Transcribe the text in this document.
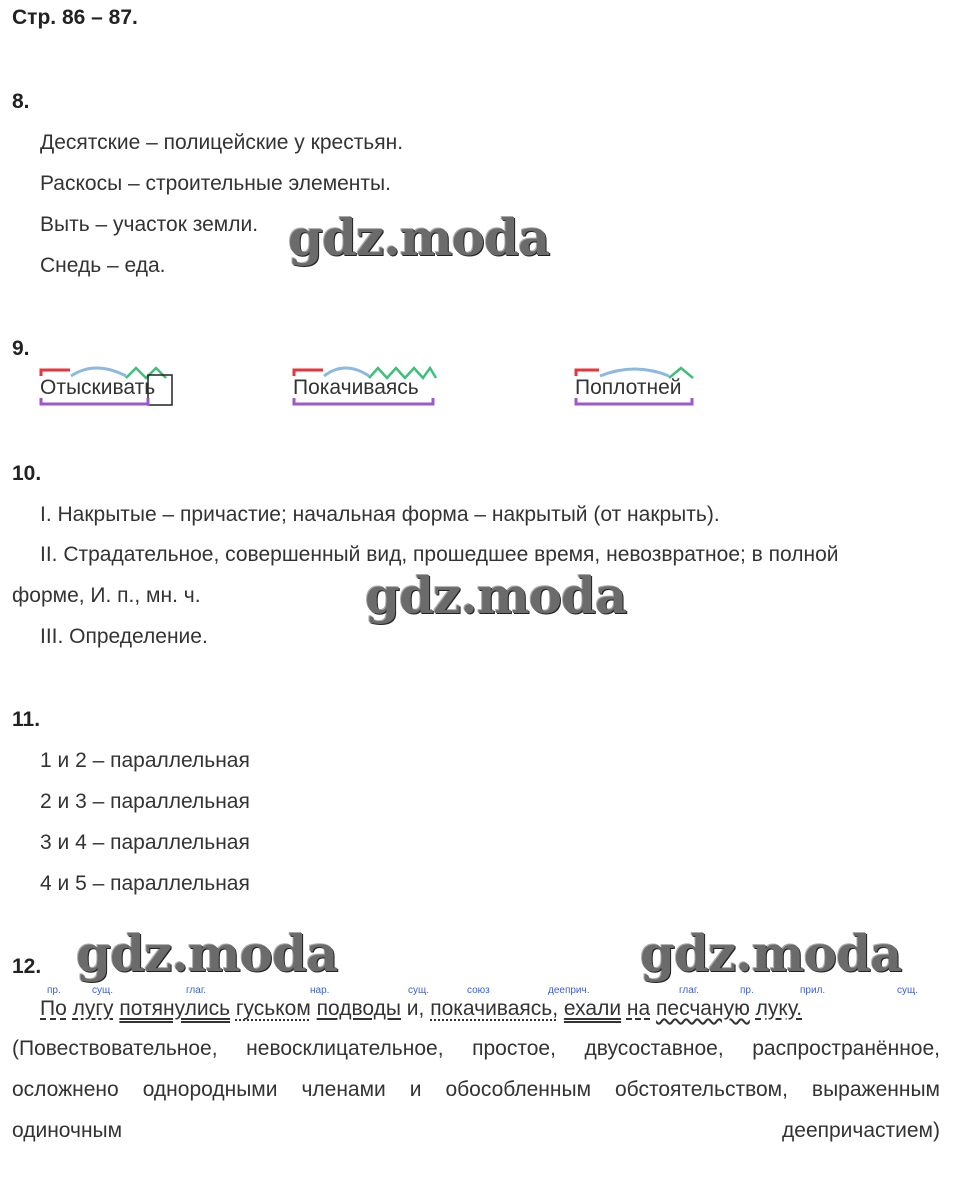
Стр. 86 – 87.
8.
Десятские – полицейские у крестьян.
Раскосы – строительные элементы.
Выть – участок земли.
Снедь – еда. gdz.moda
9.
Отыскивать	Покачиваясь	Поплотней
10.
I. Накрытые – причастие; начальная форма – накрытый (от накрыть).
II. Страдательное, совершенный вид, прошедшее время, невозвратное; в полной
форме, И. п., мн. ч.
III. Определение.
gdz.moda
11.
1 и 2 – параллельная
2 и 3 – параллельная
3 и 4 – параллельная
4 и 5 – параллельная
12. gdz.moda	gdz.moda
пр.	сущ.	глаг.	нар.	сущ.	союз	дееприч.	глаг.	пр.	прил.	сущ.
По лугу потянулись гуськом подводы и, покачиваясь, ехали на песчаную луку.
(Повествовательное, невосклицательное, простое, двусоставное, распространённое, осложнено однородными членами и обособленным обстоятельством, выраженным одиночным деепричастием)
